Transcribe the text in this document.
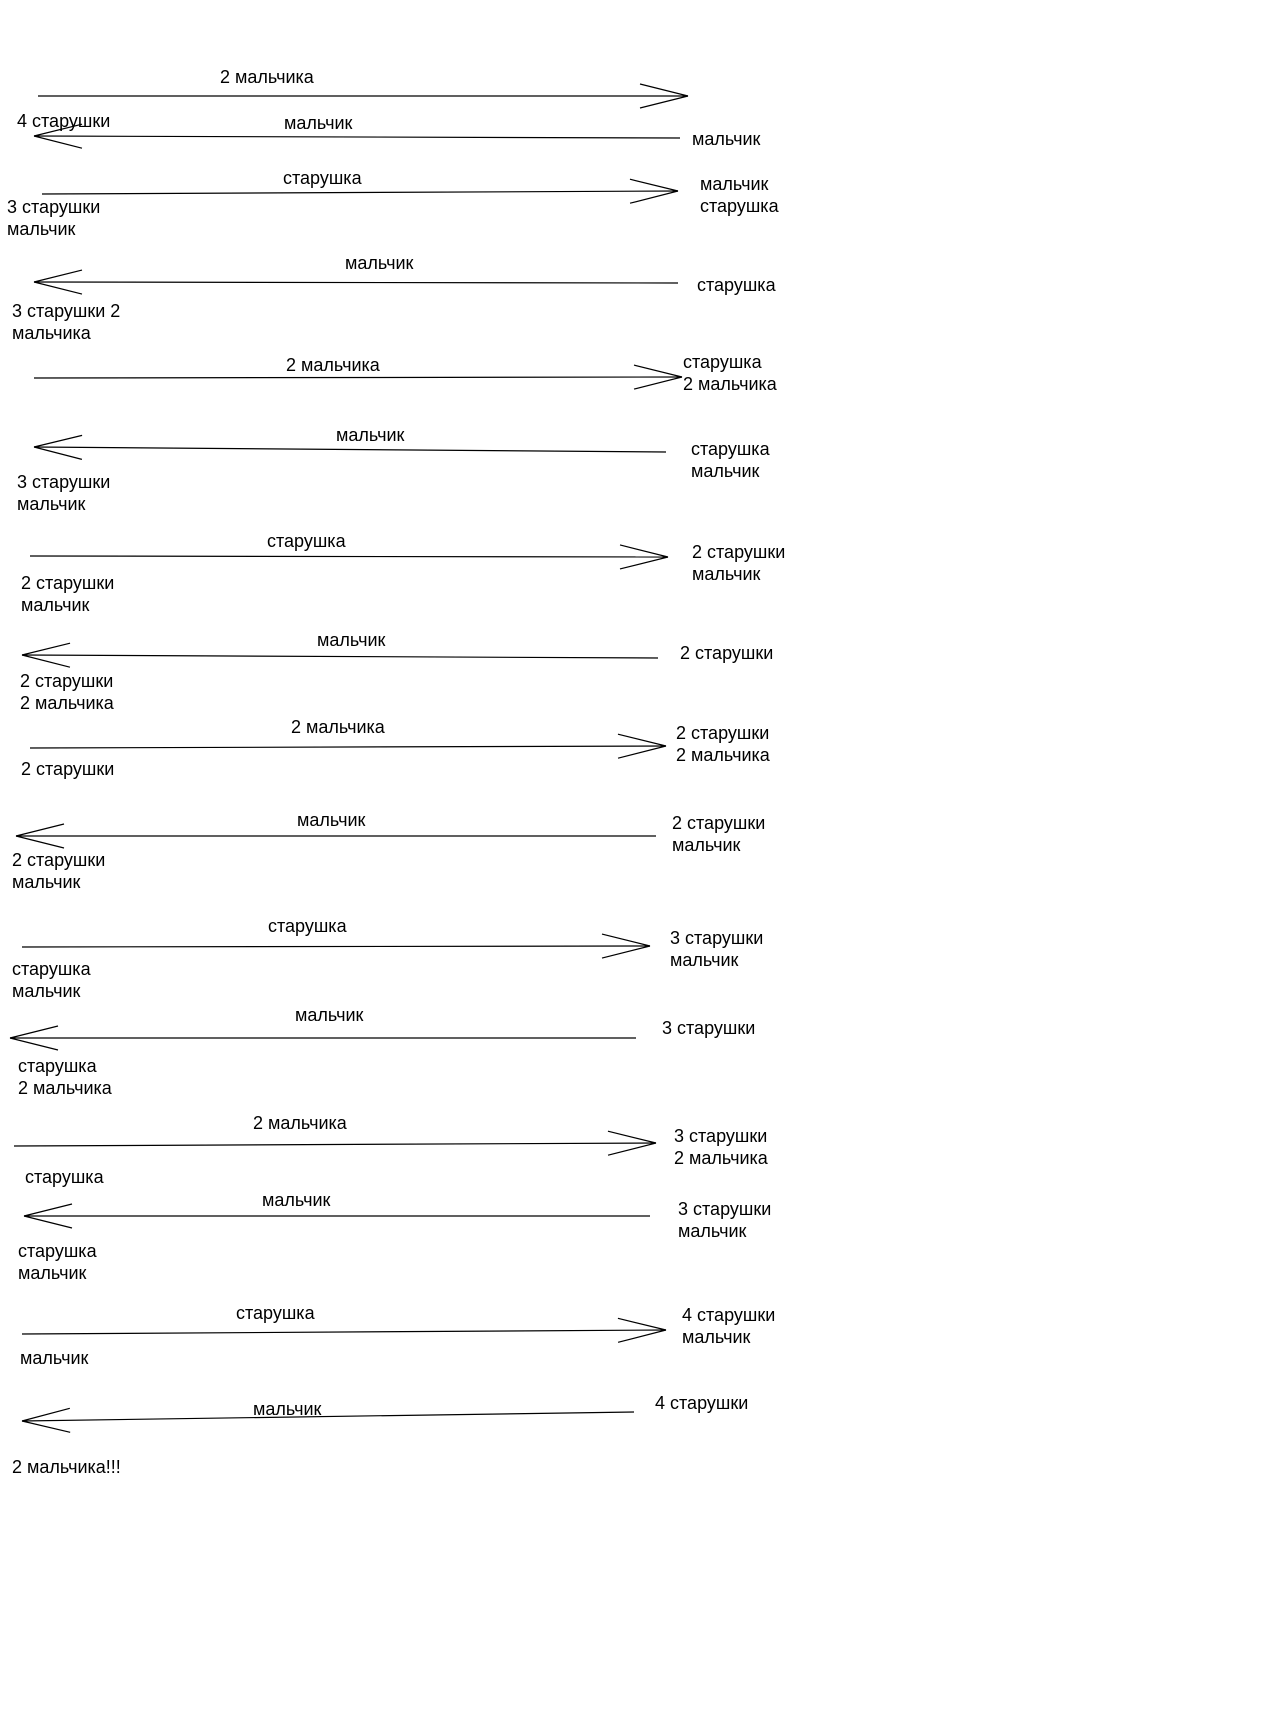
4 старушки

2 мальчика
мальчик
мальчик
старушка
3 старушки
мальчик
мальчик
старушка
мальчик
3 старушки 2
мальчика
старушка
2 мальчика	старушка
2 мальчика
мальчик
3 старушки
мальчик
старушка
мальчик
старушка
2 старушки
мальчик
2 старушки
мальчик
мальчик
2 старушки
2 мальчика
2 старушки
2 мальчика
2 старушки
2 старушки
2 мальчика
мальчик
2 старушки
мальчик
2 старушки
мальчик
старушка
старушка
мальчик
3 старушки
мальчик
мальчик
старушка
2 мальчика
3 старушки
2 мальчика
старушка
3 старушки
2 мальчика
мальчик
старушка
мальчик
3 старушки
мальчик
старушка
мальчик
4 старушки
мальчик
мальчик
2 мальчика!!!
4 старушки
